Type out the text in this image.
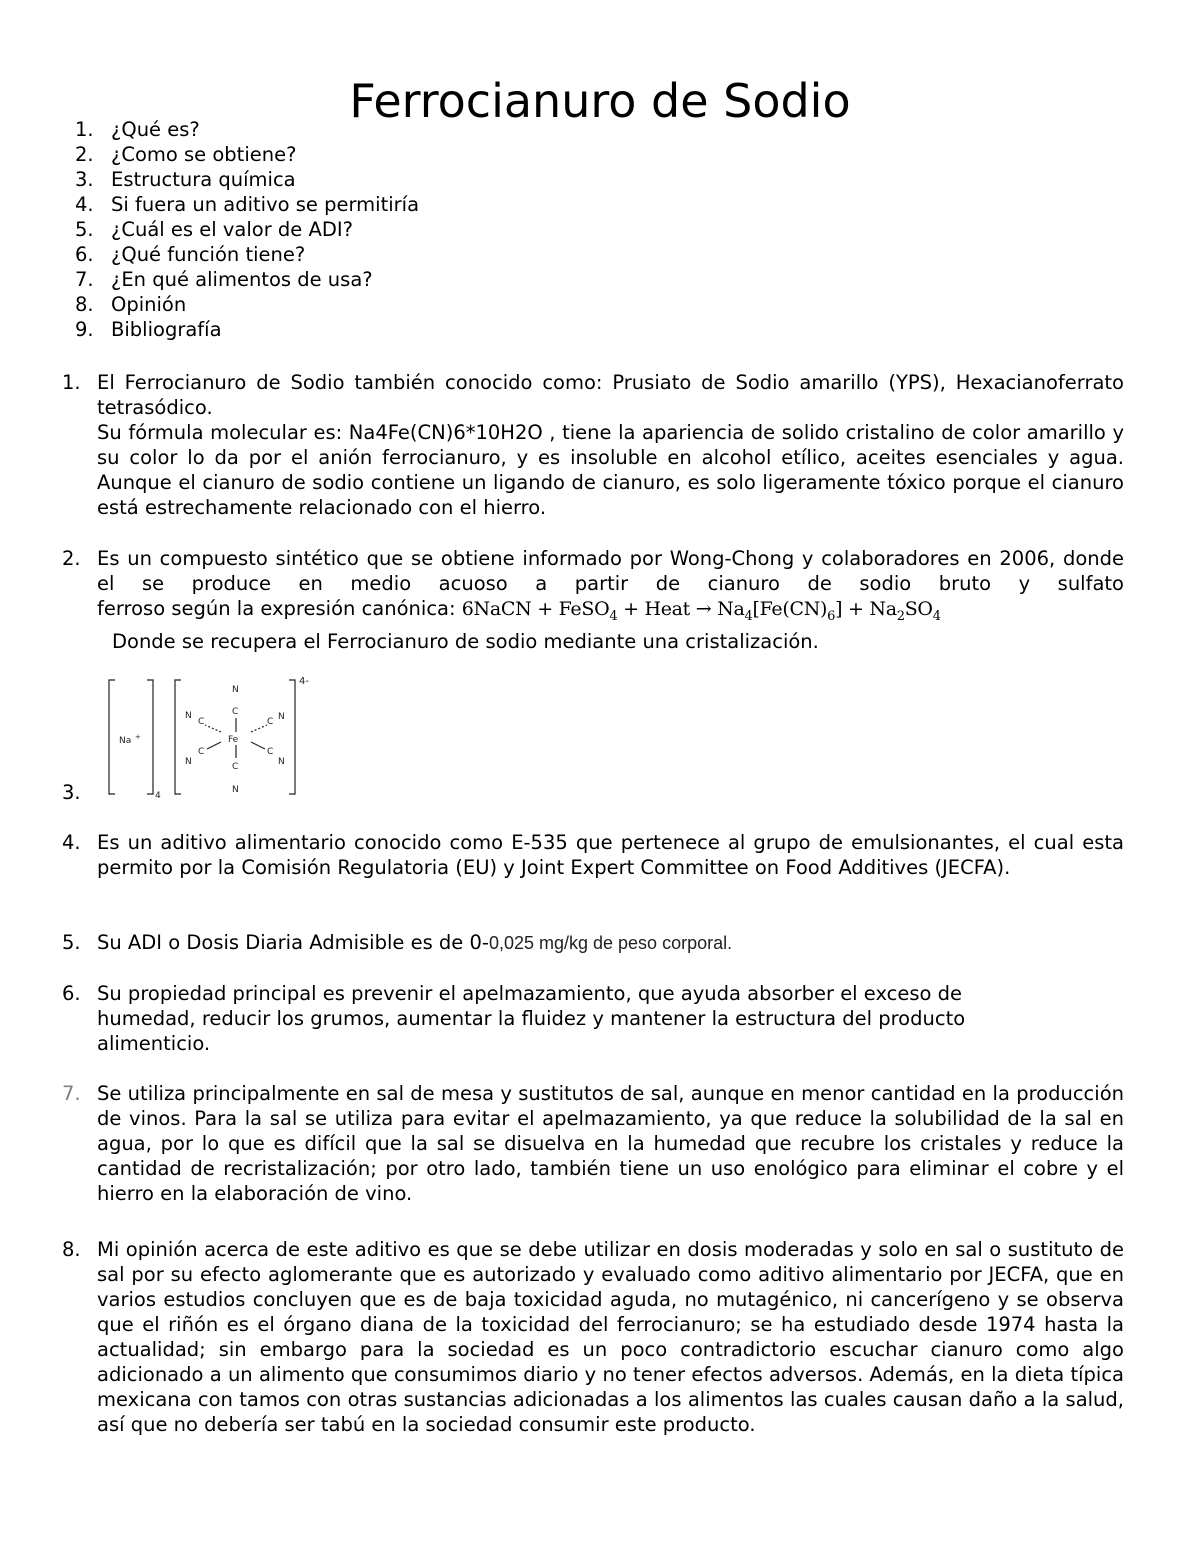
Ferrocianuro de Sodio
1. ¿Qué es?
2. ¿Como se obtiene?
3. Estructura química
4. Si fuera un aditivo se permitiría
5. ¿Cuál es el valor de ADI?
6. ¿Qué función tiene?
7. ¿En qué alimentos de usa?
8. Opinión
9. Bibliografía
1. El Ferrocianuro de Sodio también conocido como: Prusiato de Sodio amarillo (YPS), Hexacianoferrato tetrasódico.
Su fórmula molecular es: Na4Fe(CN)6*10H2O , tiene la apariencia de solido cristalino de color amarillo y su color lo da por el anión ferrocianuro, y es insoluble en alcohol etílico, aceites esenciales y agua. Aunque el cianuro de sodio contiene un ligando de cianuro, es solo ligeramente tóxico porque el cianuro está estrechamente relacionado con el hierro.
2. Es un compuesto sintético que se obtiene informado por Wong-Chong y colaboradores en 2006, donde el se produce en medio acuoso a partir de cianuro de sodio bruto y sulfato
ferroso según la expresión canónica: 6NaCN + FeSO$_4$ + Heat → $Na_4[Fe(CN)_6] + Na_2SO_4$
Donde se recupera el Ferrocianuro de sodio mediante una cristalización.
3.
4-
4
Na +	Fe
N
C
C
N
N
C	C N
C
N
C
N
4. Es un aditivo alimentario conocido como E-535 que pertenece al grupo de emulsionantes, el cual esta permito por la Comisión Regulatoria (EU) y Joint Expert Committee on Food Additives (JECFA).
5. Su ADI o Dosis Diaria Admisible es de 0-0,025 mg/kg de peso corporal.
6. Su propiedad principal es prevenir el apelmazamiento, que ayuda absorber el exceso de humedad, reducir los grumos, aumentar la fluidez y mantener la estructura del producto alimenticio.
7. Se utiliza principalmente en sal de mesa y sustitutos de sal, aunque en menor cantidad en la producción de vinos. Para la sal se utiliza para evitar el apelmazamiento, ya que reduce la solubilidad de la sal en agua, por lo que es difícil que la sal se disuelva en la humedad que recubre los cristales y reduce la cantidad de recristalización; por otro lado, también tiene un uso enológico para eliminar el cobre y el hierro en la elaboración de vino.
8. Mi opinión acerca de este aditivo es que se debe utilizar en dosis moderadas y solo en sal o sustituto de sal por su efecto aglomerante que es autorizado y evaluado como aditivo alimentario por JECFA, que en varios estudios concluyen que es de baja toxicidad aguda, no mutagénico, ni cancerígeno y se observa que el riñón es el órgano diana de la toxicidad del ferrocianuro; se ha estudiado desde 1974 hasta la actualidad; sin embargo para la sociedad es un poco contradictorio escuchar cianuro como algo adicionado a un alimento que consumimos diario y no tener efectos adversos. Además, en la dieta típica mexicana con tamos con otras sustancias adicionadas a los alimentos las cuales causan daño a la salud, así que no debería ser tabú en la sociedad consumir este producto.
